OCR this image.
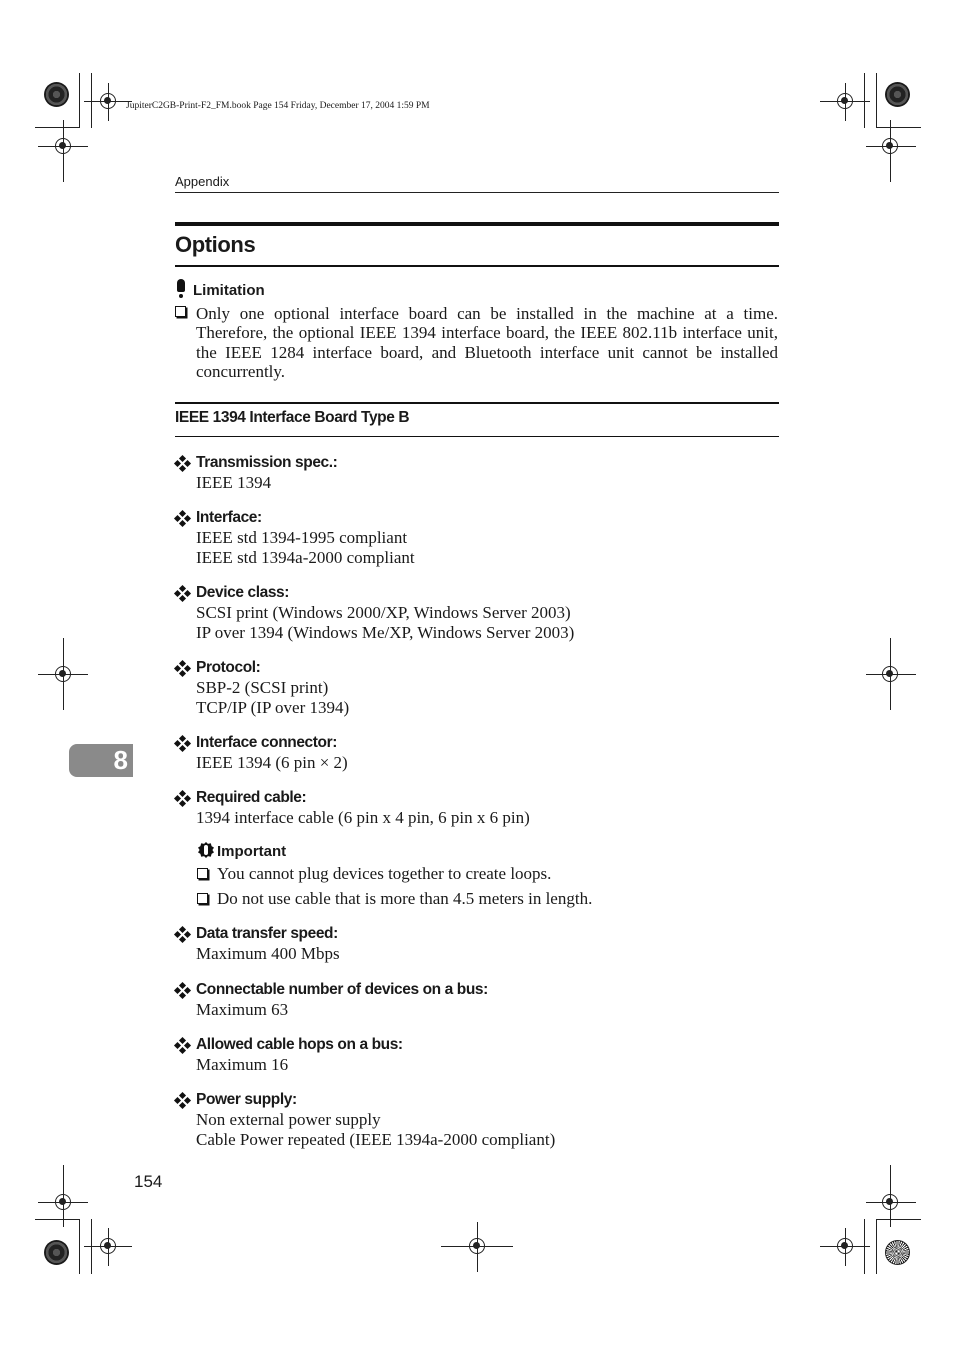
JupiterC2GB-Print-F2_FM.book Page 154 Friday, December 17, 2004 1:59 PM
Appendix
Options
Limitation
Only one optional interface board can be installed in the machine at a time. Therefore, the optional IEEE 1394 interface board, the IEEE 802.11b interface unit, the IEEE 1284 interface board, and Bluetooth interface unit cannot be installed concurrently.
IEEE 1394 Interface Board Type B
Transmission spec.:
IEEE 1394
Interface:
IEEE std 1394-1995 compliant
IEEE std 1394a-2000 compliant
Device class:
SCSI print (Windows 2000/XP, Windows Server 2003)
IP over 1394 (Windows Me/XP, Windows Server 2003)
Protocol:
SBP-2 (SCSI print)
TCP/IP (IP over 1394)
Interface connector:
IEEE 1394 (6 pin × 2)
Required cable:
1394 interface cable (6 pin x 4 pin, 6 pin x 6 pin)
Important
You cannot plug devices together to create loops.
Do not use cable that is more than 4.5 meters in length.
Data transfer speed:
Maximum 400 Mbps
Connectable number of devices on a bus:
Maximum 63
Allowed cable hops on a bus:
Maximum 16
Power supply:
Non external power supply
Cable Power repeated (IEEE 1394a-2000 compliant)
8
154
